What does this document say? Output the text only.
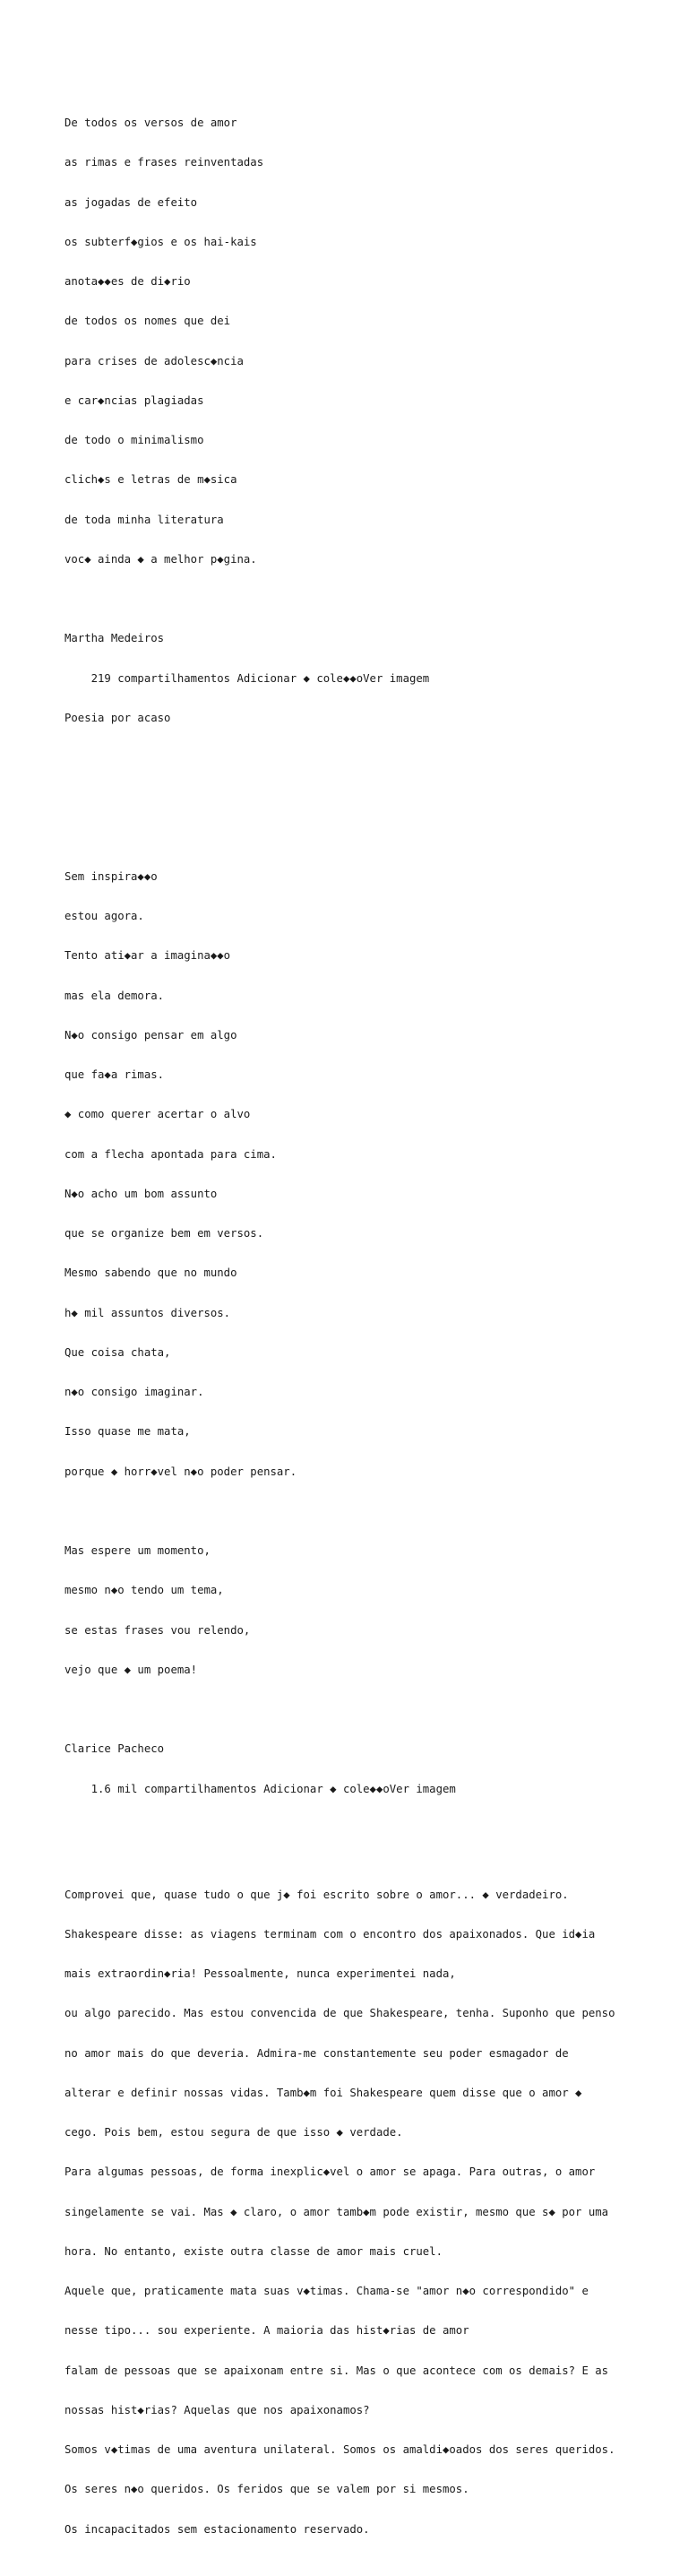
De todos os versos de amor

as rimas e frases reinventadas

as jogadas de efeito

os subterf◆gios e os hai-kais

anota◆◆es de di◆rio

de todos os nomes que dei

para crises de adolesc◆ncia

e car◆ncias plagiadas

de todo o minimalismo

clich◆s e letras de m◆sica

de toda minha literatura

voc◆ ainda ◆ a melhor p◆gina.

Martha Medeiros

219 compartilhamentos Adicionar ◆ cole◆◆oVer imagem

Poesia por acaso

Sem inspira◆◆o

estou agora.

Tento ati◆ar a imagina◆◆o

mas ela demora.

N◆o consigo pensar em algo

que fa◆a rimas.

◆ como querer acertar o alvo

com a flecha apontada para cima.

N◆o acho um bom assunto

que se organize bem em versos.

Mesmo sabendo que no mundo

h◆ mil assuntos diversos.

Que coisa chata,

n◆o consigo imaginar.

Isso quase me mata,

porque ◆ horr◆vel n◆o poder pensar.

Mas espere um momento,

mesmo n◆o tendo um tema,

se estas frases vou relendo,

vejo que ◆ um poema!

Clarice Pacheco

1.6 mil compartilhamentos Adicionar ◆ cole◆◆oVer imagem

Comprovei que, quase tudo o que j◆ foi escrito sobre o amor... ◆ verdadeiro.

Shakespeare disse: as viagens terminam com o encontro dos apaixonados. Que id◆ia

mais extraordin◆ria! Pessoalmente, nunca experimentei nada,

ou algo parecido. Mas estou convencida de que Shakespeare, tenha. Suponho que penso

no amor mais do que deveria. Admira-me constantemente seu poder esmagador de

alterar e definir nossas vidas. Tamb◆m foi Shakespeare quem disse que o amor ◆

cego. Pois bem, estou segura de que isso ◆ verdade.

Para algumas pessoas, de forma inexplic◆vel o amor se apaga. Para outras, o amor

singelamente se vai. Mas ◆ claro, o amor tamb◆m pode existir, mesmo que s◆ por uma

hora. No entanto, existe outra classe de amor mais cruel.

Aquele que, praticamente mata suas v◆timas. Chama-se "amor n◆o correspondido" e

nesse tipo... sou experiente. A maioria das hist◆rias de amor

falam de pessoas que se apaixonam entre si. Mas o que acontece com os demais? E as

nossas hist◆rias? Aquelas que nos apaixonamos?

Somos v◆timas de uma aventura unilateral. Somos os amaldi◆oados dos seres queridos.

Os seres n◆o queridos. Os feridos que se valem por si mesmos.

Os incapacitados sem estacionamento reservado.
